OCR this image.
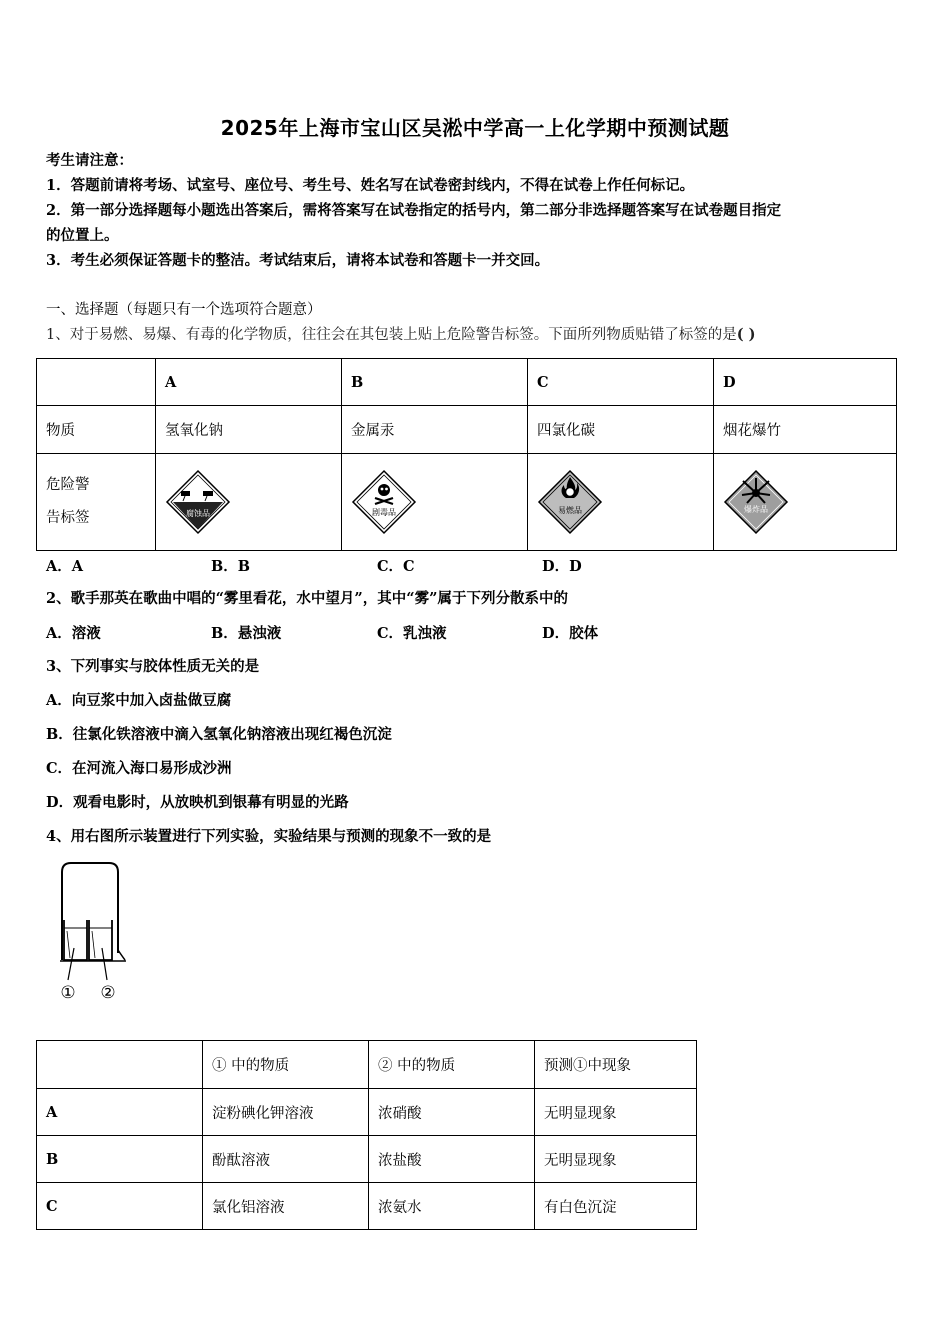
2025年上海市宝山区吴淞中学高一上化学期中预测试题
考生请注意：
1．答题前请将考场、试室号、座位号、考生号、姓名写在试卷密封线内，不得在试卷上作任何标记。
2．第一部分选择题每小题选出答案后，需将答案写在试卷指定的括号内，第二部分非选择题答案写在试卷题目指定
的位置上。
3．考生必须保证答题卡的整洁。考试结束后，请将本试卷和答题卡一并交回。
一、选择题（每题只有一个选项符合题意）
1、对于易燃、易爆、有毒的化学物质，往往会在其包装上贴上危险警告标签。下面所列物质贴错了标签的是( )
	A	B	C	D
物质	氢氧化钠	金属汞	四氯化碳	烟花爆竹

危险警
告标签	腐蚀品	剧毒品	易燃品	爆炸品
A．A	B．B	C．C	D．D
2、歌手那英在歌曲中唱的“雾里看花，水中望月”，其中“雾”属于下列分散系中的
A．溶液	B．悬浊液	C．乳浊液	D．胶体
3、下列事实与胶体性质无关的是
A．向豆浆中加入卤盐做豆腐
B．往氯化铁溶液中滴入氢氧化钠溶液出现红褐色沉淀
C．在河流入海口易形成沙洲
D．观看电影时，从放映机到银幕有明显的光路
4、用右图所示装置进行下列实验，实验结果与预测的现象不一致的是
① ②
	① 中的物质	② 中的物质	预测①中现象
A	淀粉碘化钾溶液	浓硝酸	无明显现象
B	酚酞溶液	浓盐酸	无明显现象
C	氯化铝溶液	浓氨水	有白色沉淀
